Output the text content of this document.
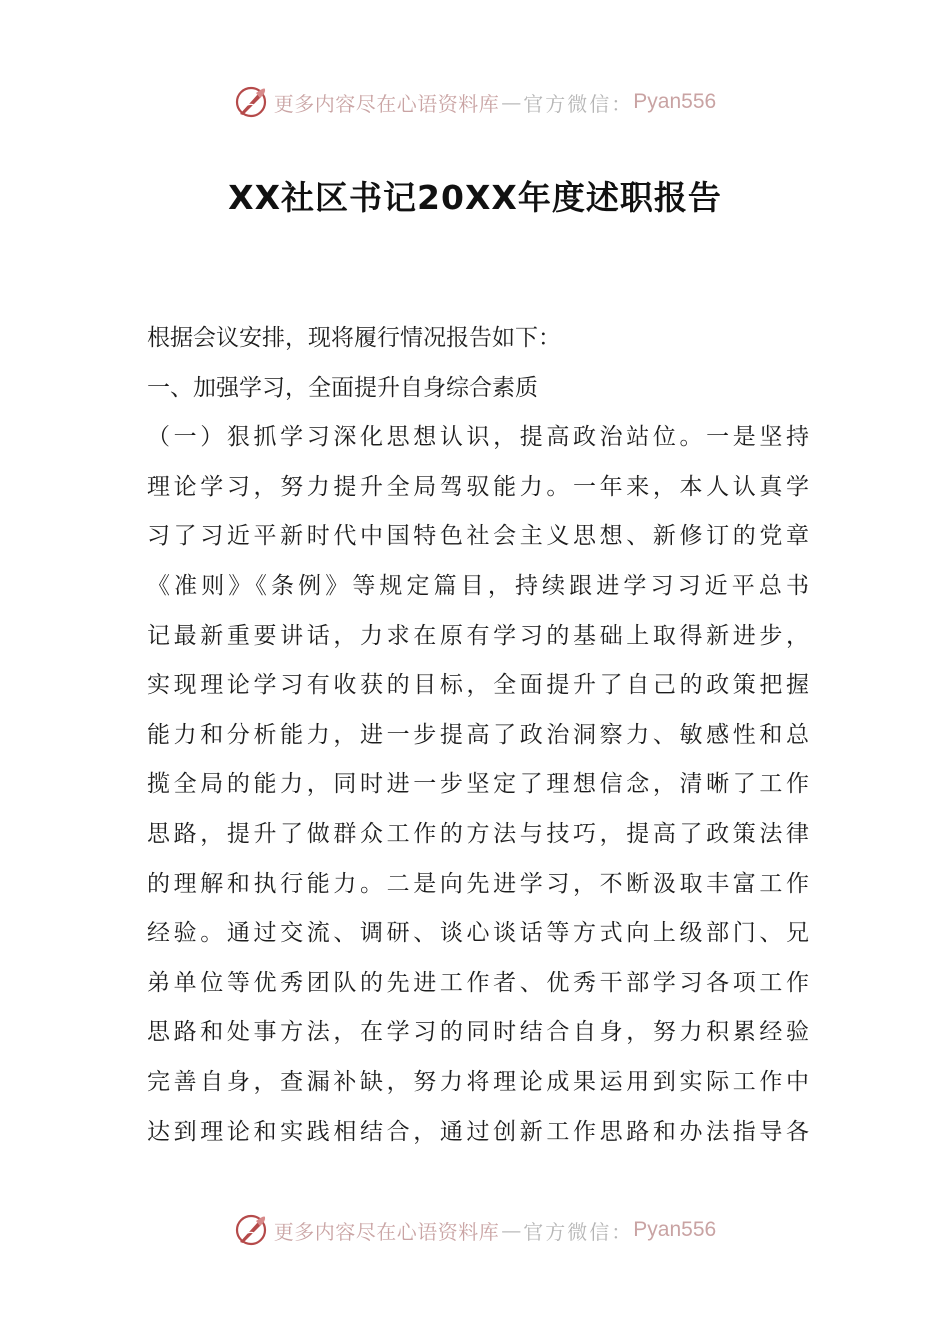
更多内容尽在心语资料库 — 官方微信： Pyan556
XX社区书记20XX年度述职报告
根据会议安排，现将履行情况报告如下：
一、加强学习，全面提升自身综合素质
（一）狠抓学习深化思想认识，提高政治站位。一是坚持
理论学习，努力提升全局驾驭能力。一年来，本人认真学
习了习近平新时代中国特色社会主义思想、新修订的党章
《准则》《条例》等规定篇目，持续跟进学习习近平总书
记最新重要讲话，力求在原有学习的基础上取得新进步，
实现理论学习有收获的目标，全面提升了自己的政策把握
能力和分析能力，进一步提高了政治洞察力、敏感性和总
揽全局的能力，同时进一步坚定了理想信念，清晰了工作
思路，提升了做群众工作的方法与技巧，提高了政策法律
的理解和执行能力。二是向先进学习，不断汲取丰富工作
经验。通过交流、调研、谈心谈话等方式向上级部门、兄
弟单位等优秀团队的先进工作者、优秀干部学习各项工作
思路和处事方法，在学习的同时结合自身，努力积累经验
完善自身，查漏补缺，努力将理论成果运用到实际工作中
达到理论和实践相结合，通过创新工作思路和办法指导各
更多内容尽在心语资料库 — 官方微信： Pyan556
